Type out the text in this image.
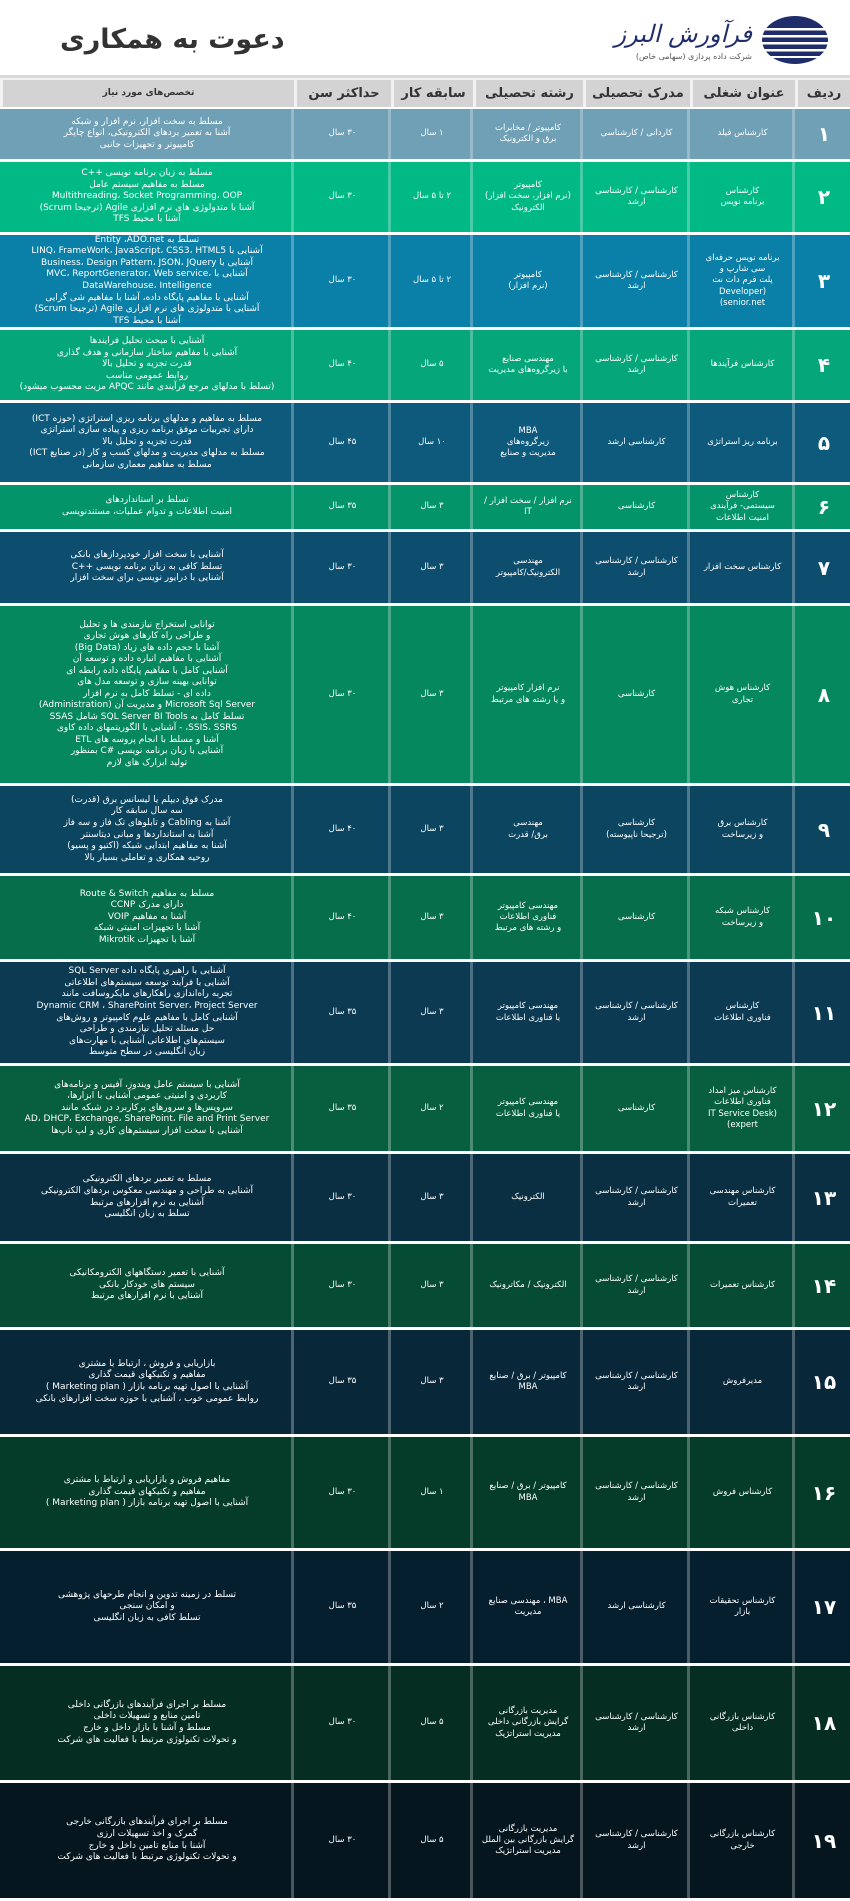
دعوت به همکاری	فرآورش البرز
شرکت داده پردازی (سهامی خاص)
ردیف
عنوان شغلی
مدرک تحصیلی
رشته تحصیلی
سابقه کار
حداکثر سن
تخصص‌های مورد نیاز
۱
کارشناس فیلد
کاردانی / کارشناسی
کامپیوتر / مخابرات
برق و الکترونیک
۱ سال
۳۰ سال
مسلط به سخت افزار، نرم افزار و شبکه
آشنا به تعمیر بردهای الکترونیکی، انواع چاپگر
کامپیوتر و تجهیزات جانبی
۲
کارشناس
برنامه نویس
کارشناسی / کارشناسی
ارشد
کامپیوتر
(نرم افزار، سخت افزار)
الکترونیک
۲ تا ۵ سال
۳۰ سال
مسلط به زبان برنامه نویسی ++C
مسلط به مفاهیم سیستم عامل
Multithreading، Socket Programming، OOP
آشنا با متدولوژی های نرم افزاری Agile (ترجیحا Scrum)
آشنا با محیط TFS
۳
برنامه نویس حرفه‌ای
سی شارپ و
پلت فرم دات نت
(Developer senior.net)
کارشناسی / کارشناسی
ارشد
کامپیوتر
(نرم افزار)
۲ تا ۵ سال
۳۰ سال
تسلط به Entity ،ADO.net
آشنایی با LINQ، FrameWork، JavaScript، CSS3، HTML5
آشنایی با Business، Design Pattern، JSON، JQuery
آشنایی با MVC، ReportGenerator، Web service، DataWarehouse، Intelligence
آشنایی با مفاهیم پایگاه داده، آشنا با مفاهیم شی گرایی
آشنایی با متدولوژی های نرم افزاری Agile (ترجیحا Scrum)
آشنا با محیط TFS
۴
کارشناس فرآیندها
کارشناسی / کارشناسی
ارشد
مهندسی صنایع
با زیرگروه‌های مدیریت
۵ سال
۴۰ سال
آشنایی با مبحث تحلیل فرایندها
آشنایی با مفاهیم ساختار سازمانی و هدف گذاری
قدرت تجزیه و تحلیل بالا
روابط عمومی مناسب
(تسلط با مدلهای مرجع فرآیندی مانند APQC مزیت محسوب میشود)
۵
برنامه ریز استراتژی
کارشناسی ارشد
MBA
زیرگروه‌های
مدیریت و صنایع
۱۰ سال
۴۵ سال
مسلط به مفاهیم و مدلهای برنامه ریزی استراتژی (حوزه ICT)
دارای تجربیات موفق برنامه ریزی و پیاده سازی استراتژی
قدرت تجزیه و تحلیل بالا
مسلط به مدلهای مدیریت و مدلهای کسب و کار (در صنایع ICT)
مسلط به مفاهیم معماری سازمانی
۶
کارشناس
سیستمی- فرآیندی
امنیت اطلاعات
کارشناسی
نرم افزار / سخت افزار / IT
۳ سال
۳۵ سال
تسلط بر استانداردهای
امنیت اطلاعات و تدوام عملیات، مستندنویسی
۷
کارشناس سخت افزار
کارشناسی / کارشناسی
ارشد
مهندسی
الکترونیک/کامپیوتر
۳ سال
۳۰ سال
آشنایی با سخت افزار خودپردازهای بانکی
تسلط کافی به زبان برنامه نویسی ++C
آشنایی با درایور نویسی برای سخت افزار
۸
کارشناس هوش
تجاری
کارشناسی
نرم افزار کامپیوتر
و یا رشته های مرتبط
۳ سال
۳۰ سال
توانایی استخراج نیازمندی ها و تحلیل
و طراحی راه کارهای هوش تجاری
آشنا با حجم داده های زیاد (Big Data)
آشنایی با مفاهیم انباره داده و توسعه آن
آشنایی کامل با مفاهیم پایگاه داده رابطه ای
توانایی بهینه سازی و توسعه مدل های
داده ای - تسلط کامل به نرم افزار
Microsoft Sql Server و مدیریت آن (Administration)
تسلط کامل به SQL Server BI Tools شامل SSAS
SSIS، SSRS، - آشنایی با الگوریتمهای داده کاوی
آشنا و مسلط با انجام پروسه های ETL
آشنایی با زبان برنامه نویسی #C بمنظور
تولید ابزارک های لازم
۹
کارشناس برق
و زیرساخت
کارشناسی
(ترجیحا ناپیوسته)
مهندسی
برق/ قدرت
۳ سال
۴۰ سال
مدرک فوق دیپلم یا لیسانس برق (قدرت)
سه سال سابقه کار
آشنا به Cabling و تابلوهای تک فاز و سه فاز
آشنا به استانداردها و مبانی دیتاسنتر
آشنا به مفاهیم ابتدایی شبکه (اکتیو و پسیو)
روحیه همکاری و تعاملی بسیار بالا
۱۰
کارشناس شبکه
و زیرساخت
کارشناسی
مهندسی کامپیوتر
فناوری اطلاعات
و رشته های مرتبط
۳ سال
۴۰ سال
مسلط به مفاهیم Route & Switch
دارای مدرک CCNP
آشنا به مفاهیم VOIP
آشنا با تجهیزات امنیتی شبکه
آشنا با تجهیزات Mikrotik
۱۱
کارشناس
فناوری اطلاعات
کارشناسی / کارشناسی
ارشد
مهندسی کامپیوتر
یا فناوری اطلاعات
۳ سال
۳۵ سال
آشنایی با راهبری پایگاه داده SQL Server
آشنایی با فرآیند توسعه سیستم‌های اطلاعاتی
تجربه راه‌اندازی راهکارهای مایکروسافت مانند
Dynamic CRM ، SharePoint Server، Project Server
آشنایی کامل با مفاهیم علوم کامپیوتر و روش‌های
حل مسئله تحلیل نیازمندی و طراحی
سیستم‌های اطلاعاتی آشنایی با مهارت‌های
زبان انگلیسی در سطح متوسط
۱۲
کارشناس میز امداد
فناوری اطلاعات
(IT Service Desk expert)
کارشناسی
مهندسی کامپیوتر
یا فناوری اطلاعات
۲ سال
۳۵ سال
آشنایی با سیستم عامل ویندوز، آفیس و برنامه‌های
کاربردی و امنیتی عمومی آشنایی با ابزارها،
سرویس‌ها و سرورهای پرکاربرد در شبکه مانند
AD، DHCP، Exchange، SharePoint، File and Print Server
آشنایی با سخت افزار سیستم‌های کاری و لپ تاپ‌ها
۱۳
کارشناس مهندسی
تعمیرات
کارشناسی / کارشناسی
ارشد
الکترونیک
۳ سال
۳۰ سال
مسلط به تعمیر بردهای الکترونیکی
آشنایی به طراحی و مهندسی معکوس بردهای الکترونیکی
آشنایی به نرم افزارهای مرتبط
تسلط به زبان انگلیسی
۱۴
کارشناس تعمیرات
کارشناسی / کارشناسی
ارشد
الکترونیک / مکاترونیک
۳ سال
۳۰ سال
آشنایی با تعمیر دستگاههای الکترومکانیکی
سیستم های خودکار بانکی
آشنایی با نرم افزارهای مرتبط
۱۵
مدیرفروش
کارشناسی / کارشناسی
ارشد
کامپیوتر / برق / صنایع
MBA
۳ سال
۳۵ سال
بازاریابی و فروش ، ارتباط با مشتری
مفاهیم و تکنیکهای قیمت گذاری
آشنایی با اصول تهیه برنامه بازار ( Marketing plan )
روابط عمومی خوب ، آشنایی با حوزه سخت افزارهای بانکی
۱۶
کارشناس فروش
کارشناسی / کارشناسی
ارشد
کامپیوتر / برق / صنایع
MBA
۱ سال
۳۰ سال
مفاهیم فروش و بازاریابی و ارتباط با مشتری
مفاهیم و تکنیکهای قیمت گذاری
آشنایی با اصول تهیه برنامه بازار ( Marketing plan )
۱۷
کارشناس تحقیقات
بازار
کارشناسی ارشد
MBA ، مهندسی صنایع
مدیریت
۲ سال
۳۵ سال
تسلط در زمینه تدوین و انجام طرحهای پژوهشی
و امکان سنجی
تسلط کافی به زبان انگلیسی
۱۸
کارشناس بازرگانی
داخلی
کارشناسی / کارشناسی
ارشد
مدیریت بازرگانی
گرایش بازرگانی داخلی
مدیریت استراتژیک
۵ سال
۳۰ سال
مسلط بر اجرای فرآیندهای بازرگانی داخلی
تامین منابع و تسهیلات داخلی
مسلط و آشنا با بازار داخل و خارج
و تحولات تکنولوژی مرتبط با فعالیت های شرکت
۱۹
کارشناس بازرگانی
خارجی
کارشناسی / کارشناسی
ارشد
مدیریت بازرگانی
گرایش بازرگانی بین الملل
مدیریت استراتژیک
۵ سال
۳۰ سال
مسلط بر اجرای فرآیندهای بازرگانی خارجی
گمرک و اخذ تسهیلات ارزی
آشنا با منابع تامین داخل و خارج
و تحولات تکنولوژی مرتبط با فعالیت های شرکت
